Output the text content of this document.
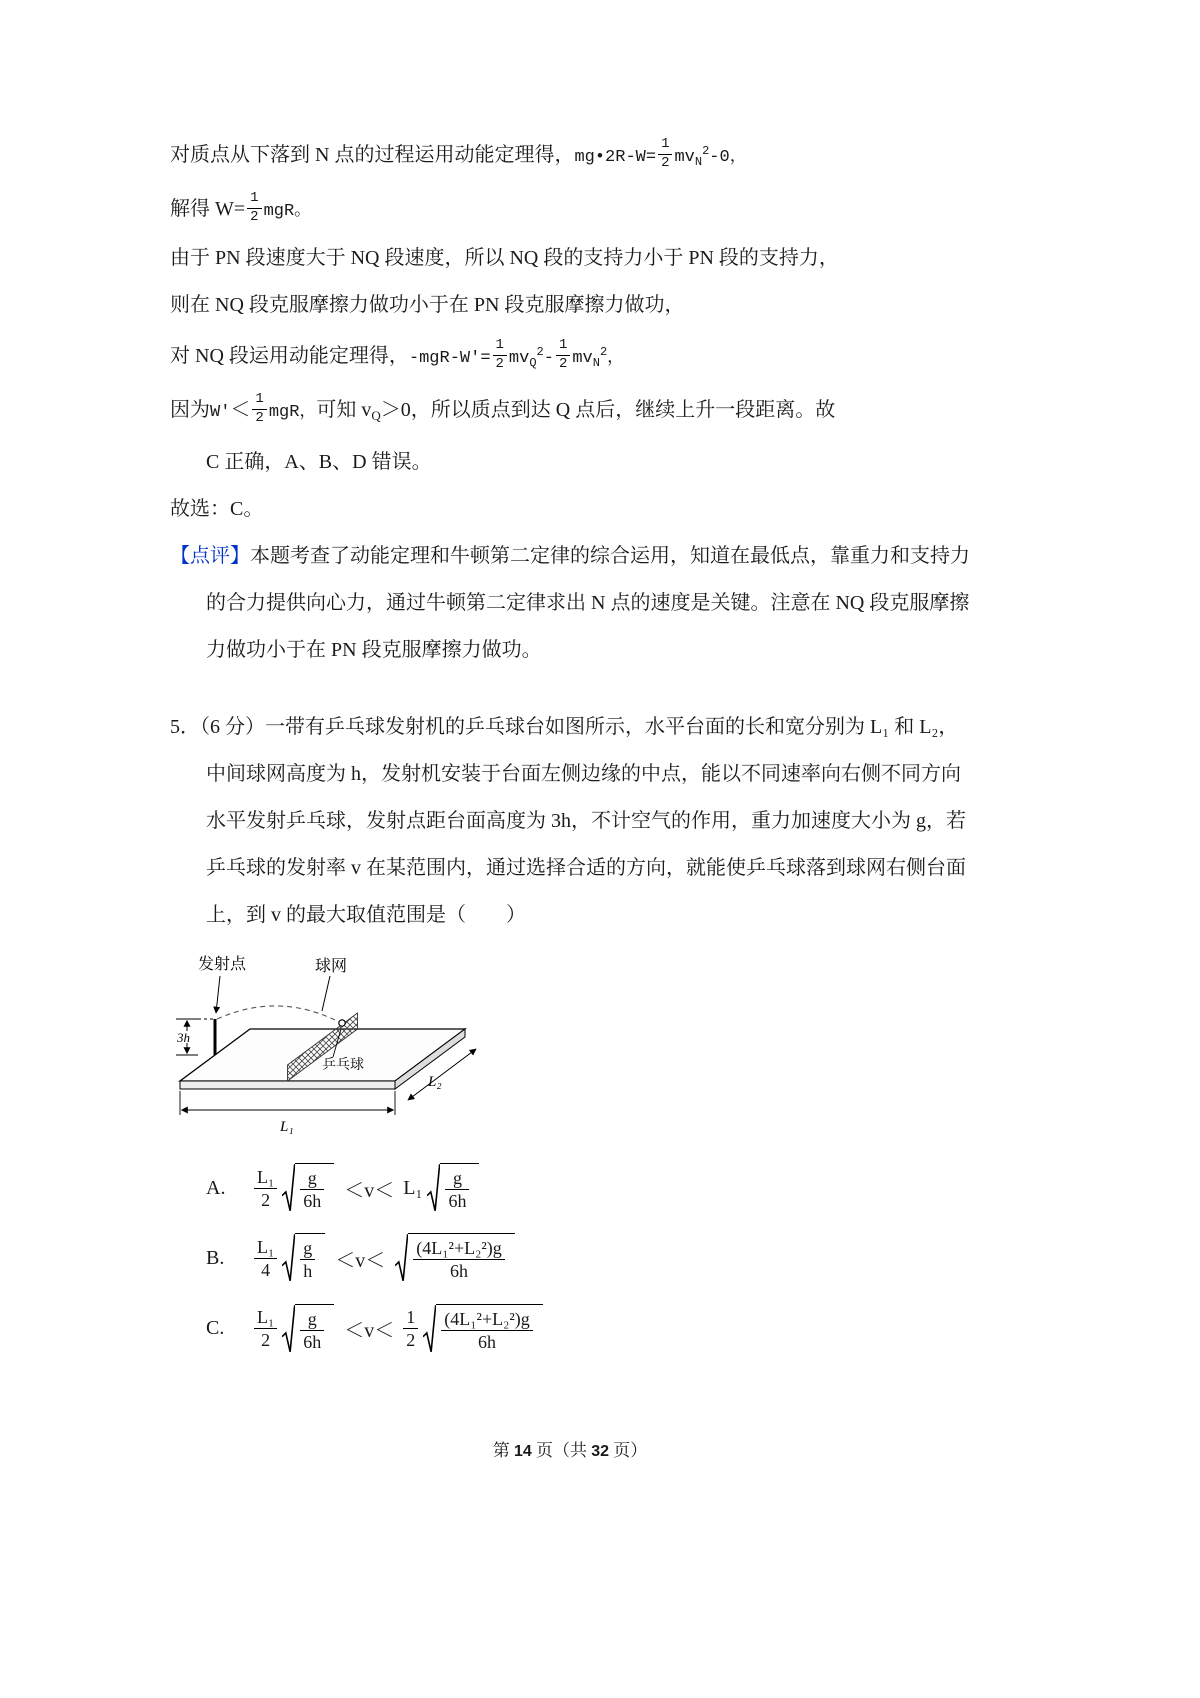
对质点从下落到 N 点的过程运用动能定理得，mg•2R-W= $\frac{1}{2} mv_N^2-0$，

解得 $W= \frac{1}{2}$ mgR。

由于 PN 段速度大于 NQ 段速度，所以 NQ 段的支持力小于 PN 段的支持力，

则在 NQ 段克服摩擦力做功小于在 PN 段克服摩擦力做功，

对 NQ 段运用动能定理得，$-mgR-W'= \frac{1}{2} mv_Q^2- \frac{1}{2} mv_N^2$，

因为$W'< \frac{1}{2}$ mgR，可知 $v_Q>0$，所以质点到达 Q 点后，继续上升一段距离。故

C 正确，A、B、D 错误。

故选：C。

【点评】本题考查了动能定理和牛顿第二定律的综合运用，知道在最低点，靠重力和支持力的合力提供向心力，通过牛顿第二定律求出 N 点的速度是关键。注意在 NQ 段克服摩擦力做功小于在 PN 段克服摩擦力做功。

5．（6 分）一带有乒乓球发射机的乒乓球台如图所示，水平台面的长和宽分别为 L₁ 和 L₂，中间球网高度为 h，发射机安装于台面左侧边缘的中点，能以不同速率向右侧不同方向水平发射乒乓球，发射点距台面高度为 3h，不计空气的作用，重力加速度大小为 g，若乒乓球的发射率 v 在某范围内，通过选择合适的方向，就能使乒乓球落到球网右侧台面上，到 v 的最大取值范围是（　　）

发射点	球网
乒乓球
3h
L₁
L₂
A.	$\frac{\text{L₁}}{2} \frac{g}{6h} <v< L_1 \frac{g}{6h}$
B.	$\frac{\text{L₁}}{4} \frac{g}{h} <v< \frac{\text{(4L₁²+L₂²)g}}{6h}$
C.	$\frac{\text{L₁}}{2} \frac{g}{6h} <v< \frac{1}{2} \frac{\text{(4L₁²+L₂²)g}}{6h}$
第 14 页（共 32 页）
